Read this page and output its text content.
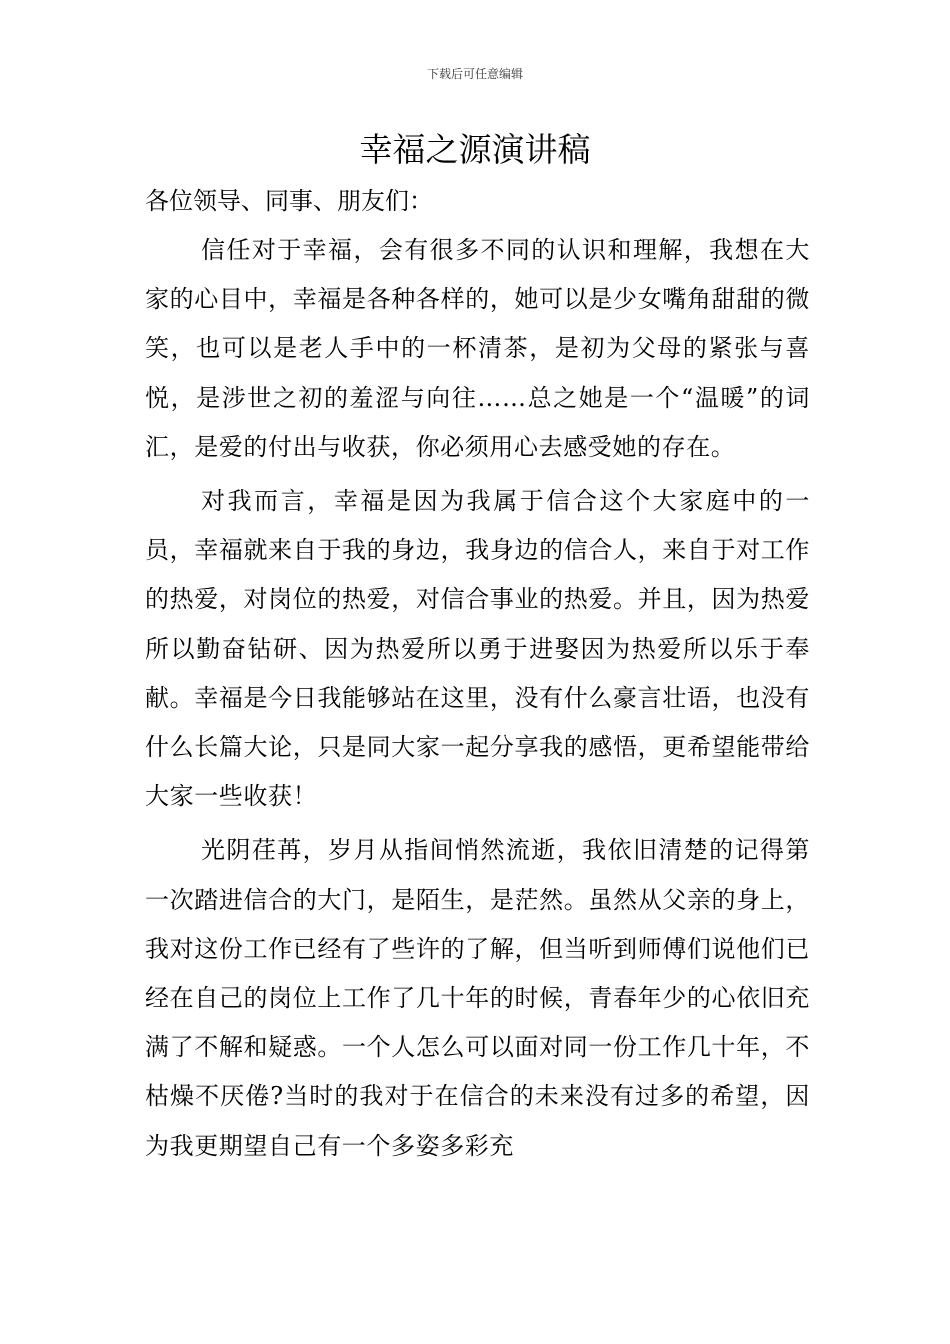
下载后可任意编辑
幸福之源演讲稿

各位领导、同事、朋友们：

信任对于幸福，会有很多不同的认识和理解，我想在大家的心目中，幸福是各种各样的，她可以是少女嘴角甜甜的微笑，也可以是老人手中的一杯清茶，是初为父母的紧张与喜悦，是涉世之初的羞涩与向往……总之她是一个“温暖”的词汇，是爱的付出与收获，你必须用心去感受她的存在。

对我而言，幸福是因为我属于信合这个大家庭中的一员，幸福就来自于我的身边，我身边的信合人，来自于对工作的热爱，对岗位的热爱，对信合事业的热爱。并且，因为热爱所以勤奋钻研、因为热爱所以勇于进娶因为热爱所以乐于奉献。幸福是今日我能够站在这里，没有什么豪言壮语，也没有什么长篇大论，只是同大家一起分享我的感悟，更希望能带给大家一些收获！

光阴荏苒，岁月从指间悄然流逝，我依旧清楚的记得第一次踏进信合的大门，是陌生，是茫然。虽然从父亲的身上，我对这份工作已经有了些许的了解，但当听到师傅们说他们已经在自己的岗位上工作了几十年的时候，青春年少的心依旧充满了不解和疑惑。一个人怎么可以面对同一份工作几十年，不枯燥不厌倦?当时的我对于在信合的未来没有过多的希望，因为我更期望自己有一个多姿多彩充
